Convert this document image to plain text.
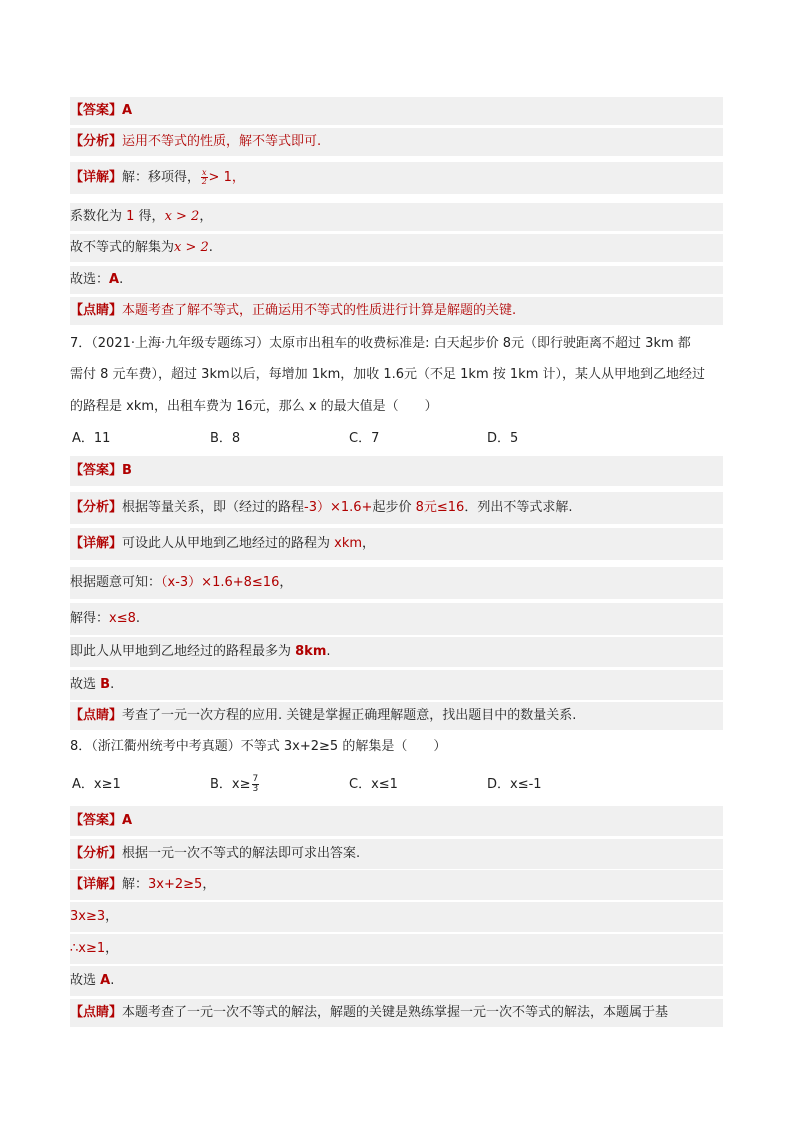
【答案】A
【分析】运用不等式的性质，解不等式即可.
【详解】解：移项得， $\frac{x}{2} > 1$，
系数化为 1 得，x > 2，
故不等式的解集为x > 2.
故选：A.
【点睛】本题考查了解不等式，正确运用不等式的性质进行计算是解题的关键.
7．（2021·上海·九年级专题练习）太原市出租车的收费标准是: 白天起步价 8元（即行驶距离不超过 3km 都
需付 8 元车费），超过 3km以后，每增加 1km，加收 1.6元（不足 1km 按 1km 计），某人从甲地到乙地经过
的路程是 xkm，出租车费为 16元，那么 x 的最大值是（　　）
A．11	B．8	C．7	D．5
【答案】B
【分析】根据等量关系，即（经过的路程-3）×1.6+起步价 8元≤16．列出不等式求解.
【详解】可设此人从甲地到乙地经过的路程为 xkm，
根据题意可知：（x-3）×1.6+8≤16，
解得：x≤8.
即此人从甲地到乙地经过的路程最多为 8km.
故选 B.
【点睛】考查了一元一次方程的应用. 关键是掌握正确理解题意，找出题目中的数量关系.
8．（浙江衢州统考中考真题）不等式 3x+2≥5 的解集是（　　）
A．x≥1	B．$x\ge \frac{7}{3}$	C．x≤1	D．x≤-1
【答案】A
【分析】根据一元一次不等式的解法即可求出答案.
【详解】解：3x+2≥5，
3x≥3，
∴x≥1，
故选 A.
【点睛】本题考查了一元一次不等式的解法，解题的关键是熟练掌握一元一次不等式的解法，本题属于基
